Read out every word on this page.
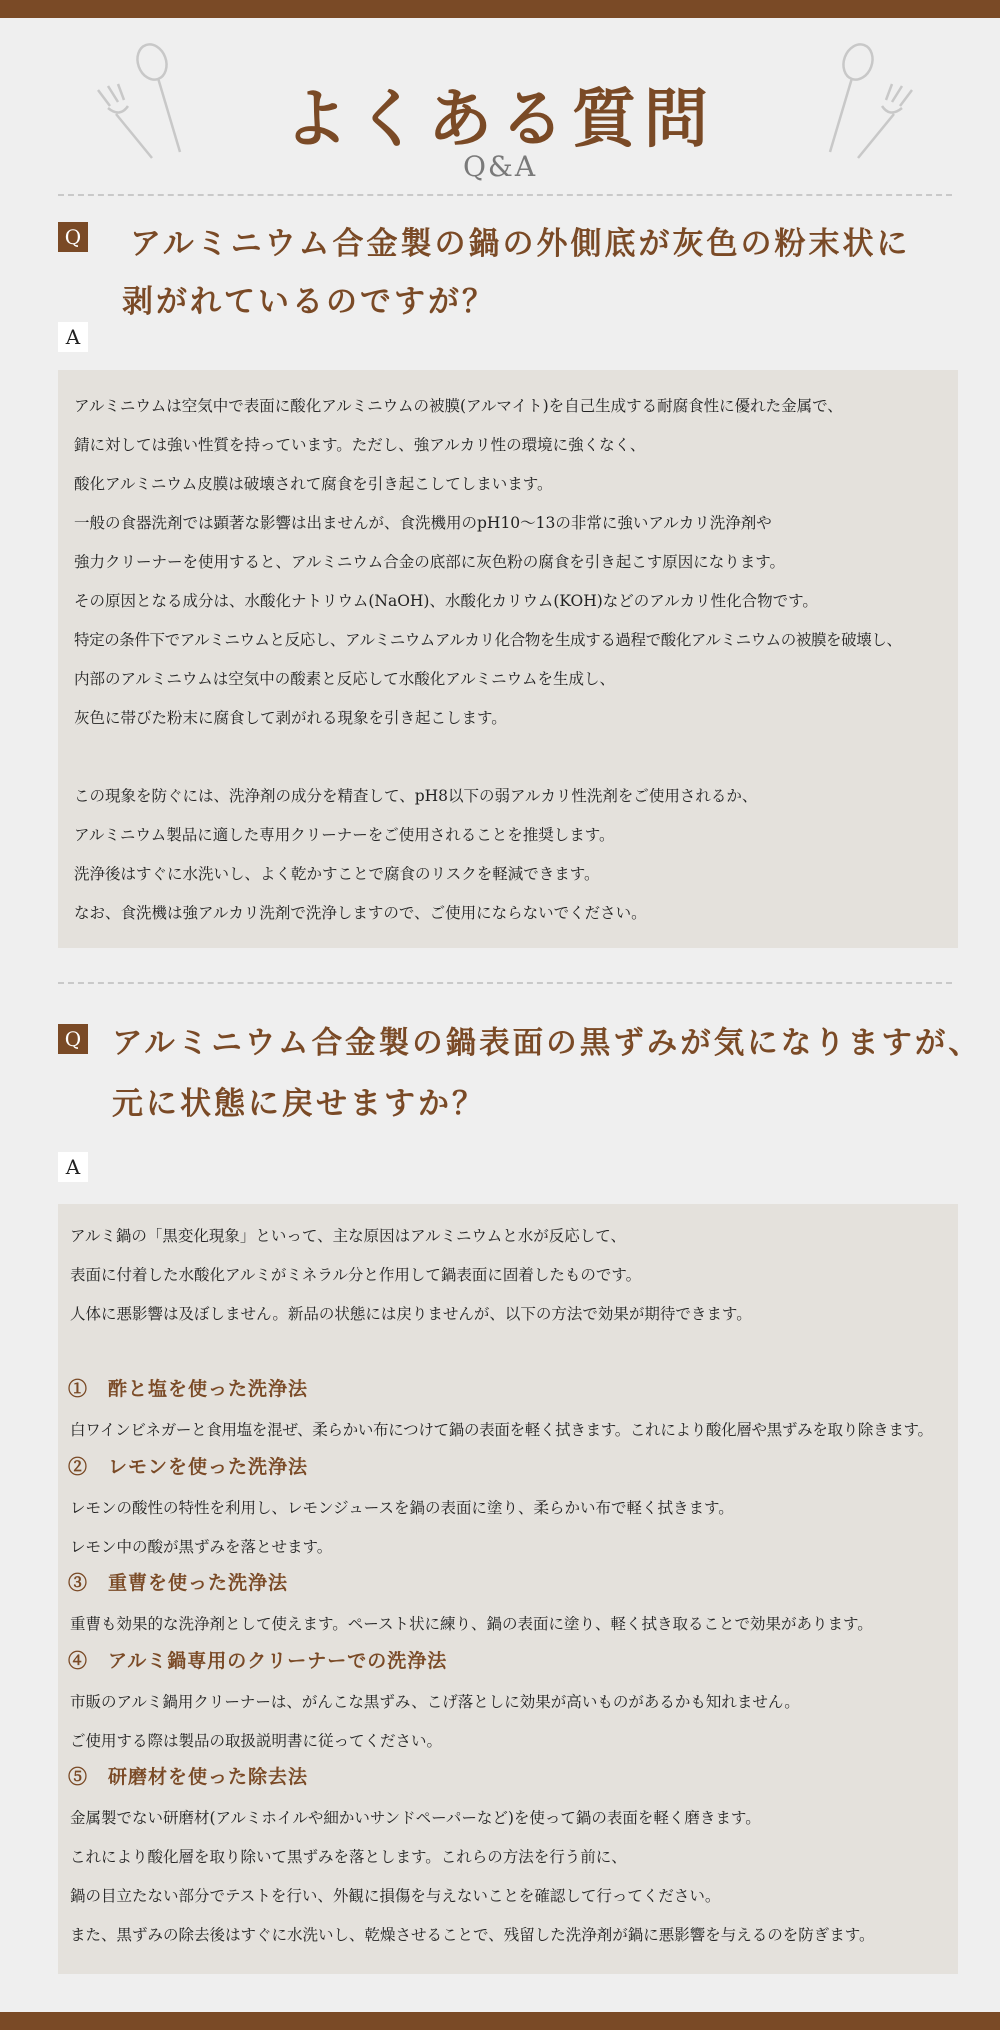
よくある質問
Q&A
Q アルミニウム合金製の鍋の外側底が灰色の粉末状に
剥がれているのですが？
A
アルミニウムは空気中で表面に酸化アルミニウムの被膜(アルマイト)を自己生成する耐腐食性に優れた金属で、
錆に対しては強い性質を持っています。ただし、強アルカリ性の環境に強くなく、
酸化アルミニウム皮膜は破壊されて腐食を引き起こしてしまいます。
一般の食器洗剤では顕著な影響は出ませんが、食洗機用のpH10〜13の非常に強いアルカリ洗浄剤や
強力クリーナーを使用すると、アルミニウム合金の底部に灰色粉の腐食を引き起こす原因になります。
その原因となる成分は、水酸化ナトリウム(NaOH)、水酸化カリウム(KOH)などのアルカリ性化合物です。
特定の条件下でアルミニウムと反応し、アルミニウムアルカリ化合物を生成する過程で酸化アルミニウムの被膜を破壊し、
内部のアルミニウムは空気中の酸素と反応して水酸化アルミニウムを生成し、
灰色に帯びた粉末に腐食して剥がれる現象を引き起こします。
この現象を防ぐには、洗浄剤の成分を精査して、pH8以下の弱アルカリ性洗剤をご使用されるか、
アルミニウム製品に適した専用クリーナーをご使用されることを推奨します。
洗浄後はすぐに水洗いし、よく乾かすことで腐食のリスクを軽減できます。
なお、食洗機は強アルカリ洗剤で洗浄しますので、ご使用にならないでください。
Q アルミニウム合金製の鍋表面の黒ずみが気になりますが、
元に状態に戻せますか？
A
アルミ鍋の「黒変化現象」といって、主な原因はアルミニウムと水が反応して、
表面に付着した水酸化アルミがミネラル分と作用して鍋表面に固着したものです。
人体に悪影響は及ぼしません。新品の状態には戻りませんが、以下の方法で効果が期待できます。
①　酢と塩を使った洗浄法
白ワインビネガーと食用塩を混ぜ、柔らかい布につけて鍋の表面を軽く拭きます。これにより酸化層や黒ずみを取り除きます。
②　レモンを使った洗浄法
レモンの酸性の特性を利用し、レモンジュースを鍋の表面に塗り、柔らかい布で軽く拭きます。
レモン中の酸が黒ずみを落とせます。
③　重曹を使った洗浄法
重曹も効果的な洗浄剤として使えます。ペースト状に練り、鍋の表面に塗り、軽く拭き取ることで効果があります。
④　アルミ鍋専用のクリーナーでの洗浄法
市販のアルミ鍋用クリーナーは、がんこな黒ずみ、こげ落としに効果が高いものがあるかも知れません。
ご使用する際は製品の取扱説明書に従ってください。
⑤　研磨材を使った除去法
金属製でない研磨材(アルミホイルや細かいサンドペーパーなど)を使って鍋の表面を軽く磨きます。
これにより酸化層を取り除いて黒ずみを落とします。これらの方法を行う前に、
鍋の目立たない部分でテストを行い、外観に損傷を与えないことを確認して行ってください。
また、黒ずみの除去後はすぐに水洗いし、乾燥させることで、残留した洗浄剤が鍋に悪影響を与えるのを防ぎます。
